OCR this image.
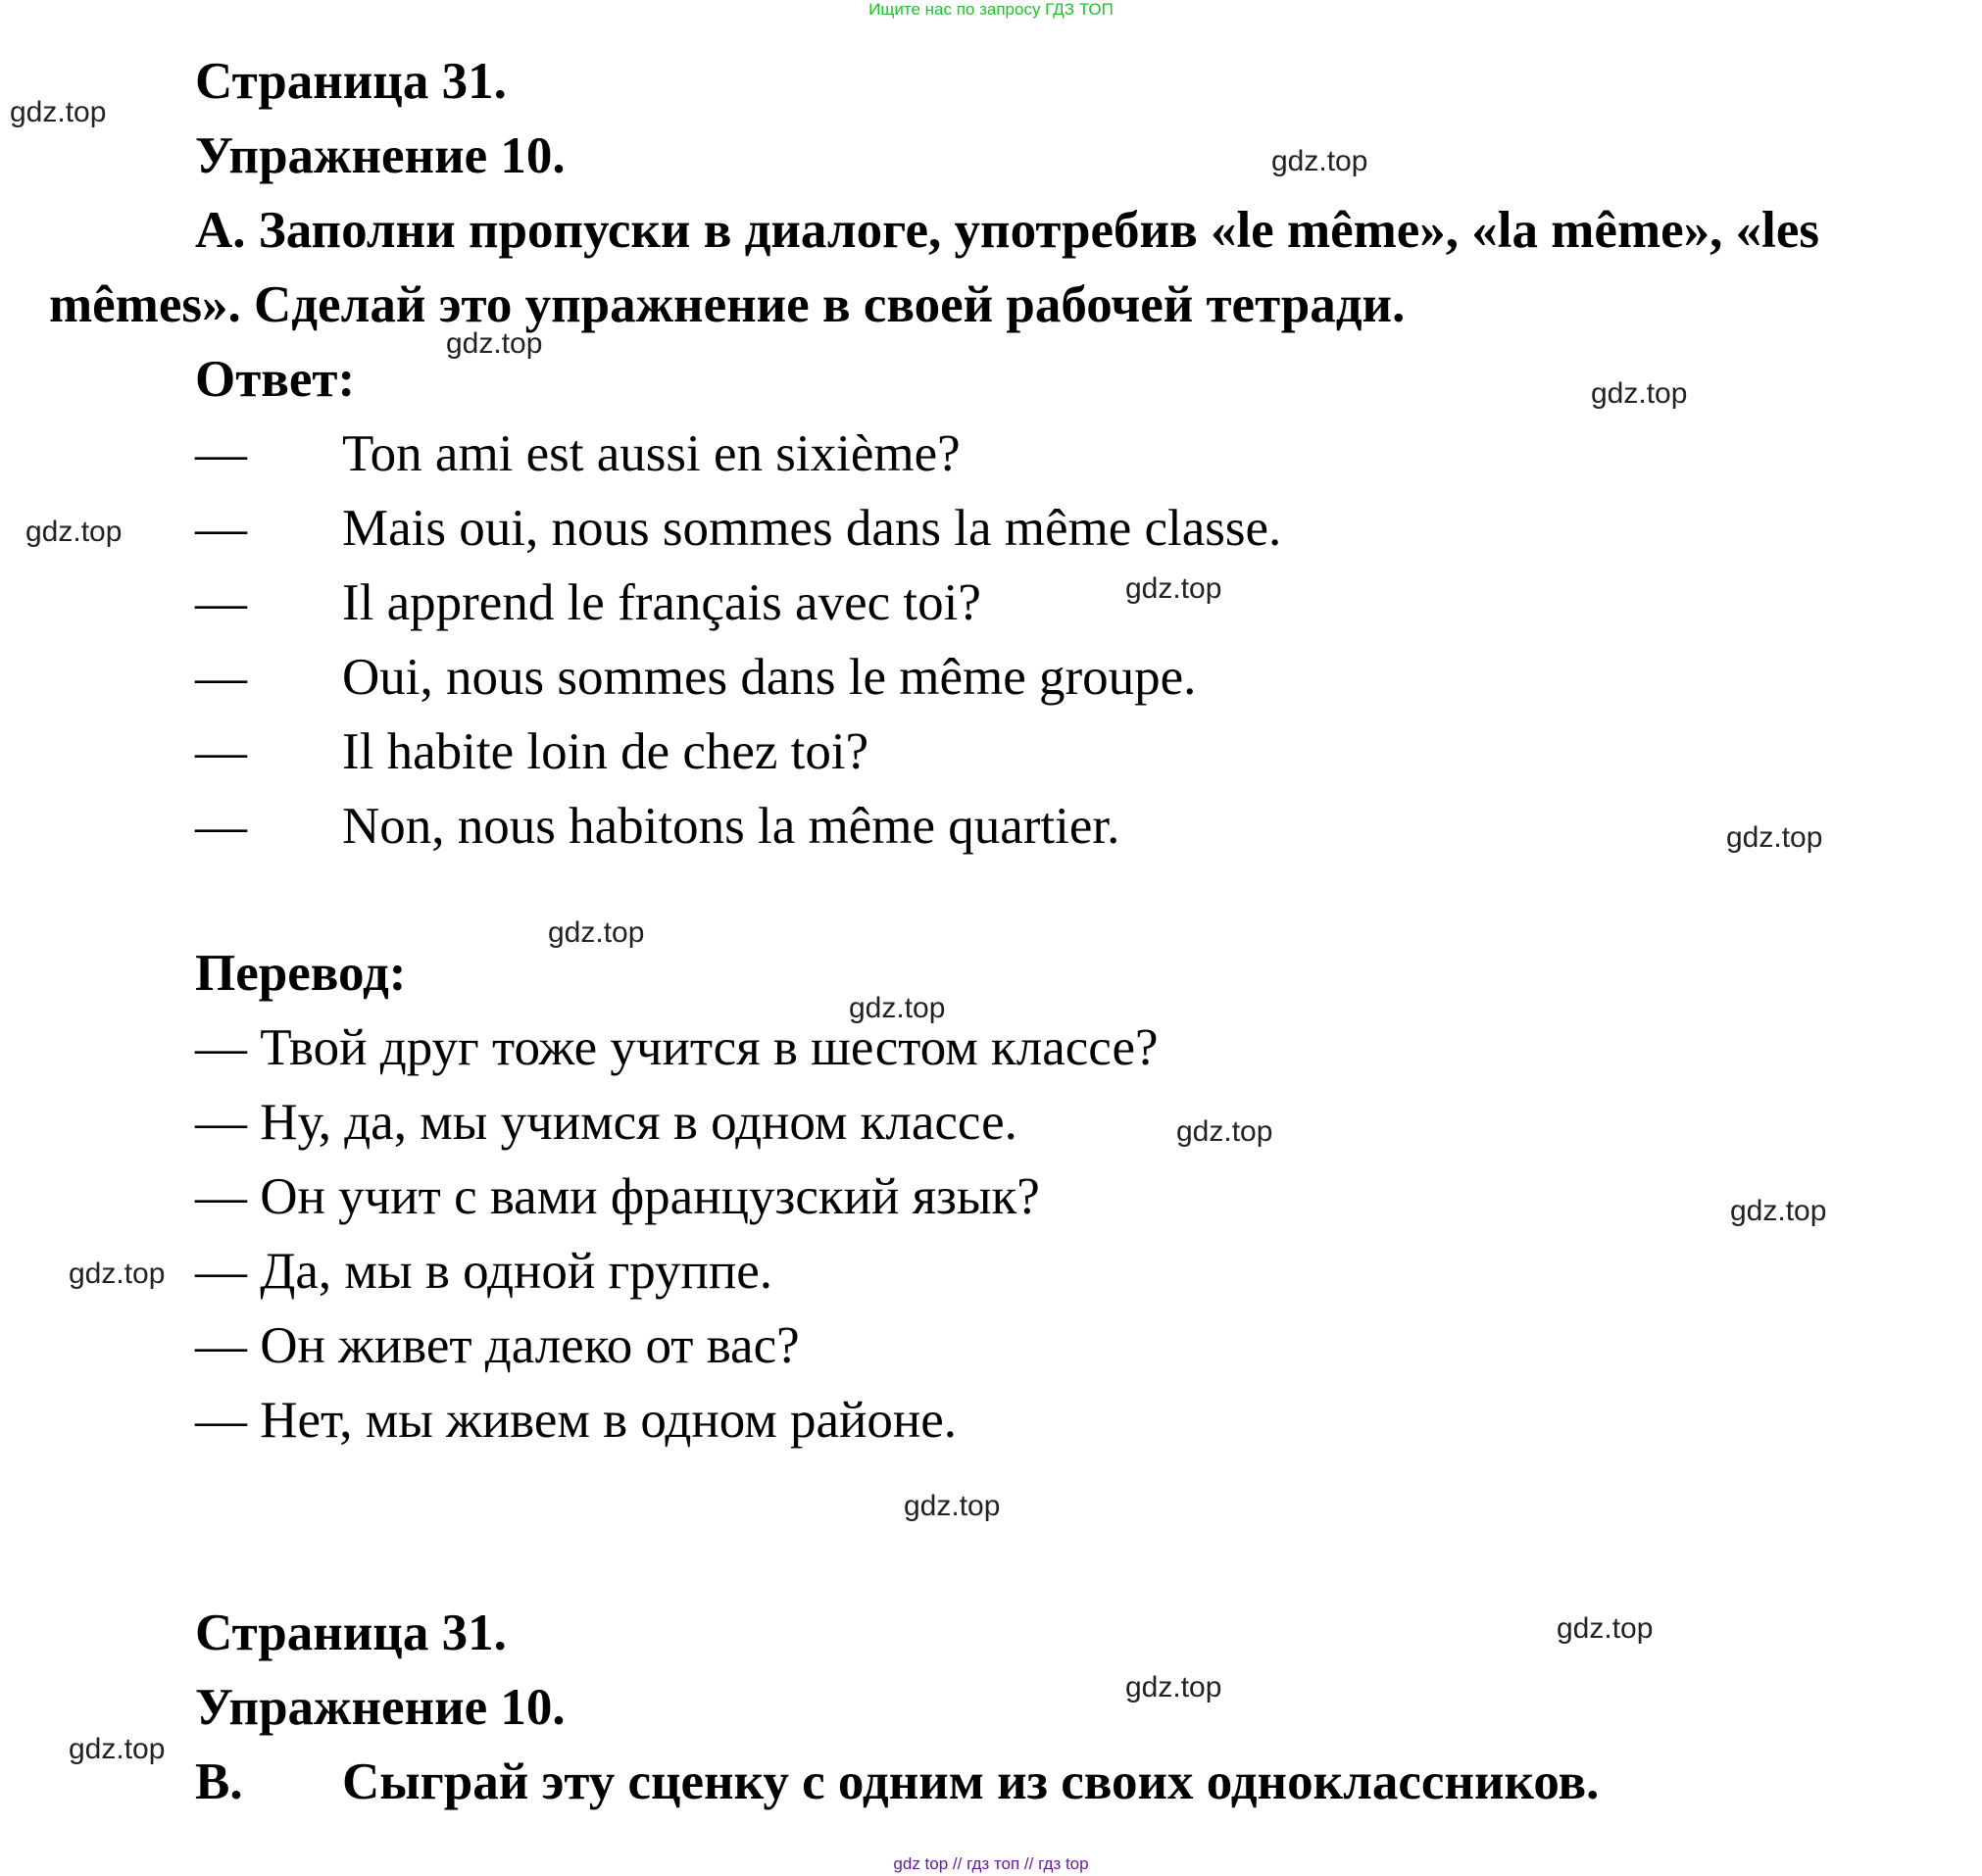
Ищите нас по запросу ГДЗ ТОП
Страница 31.
Упражнение 10.
A. Заполни пропуски в диалоге, употребив «le même», «la même», «les
mêmes». Сделай это упражнение в своей рабочей тетради.
Ответ:
— Ton ami est aussi en sixième?
— Mais oui, nous sommes dans la même classe.
— Il apprend le français avec toi?
— Oui, nous sommes dans le même groupe.
— Il habite loin de chez toi?
— Non, nous habitons la même quartier.
Перевод:
— Твой друг тоже учится в шестом классе?
— Ну, да, мы учимся в одном классе.
— Он учит с вами французский язык?
— Да, мы в одной группе.
— Он живет далеко от вас?
— Нет, мы живем в одном районе.
Страница 31.
Упражнение 10.
B. Сыграй эту сценку с одним из своих одноклассников.
gdz.top
gdz.top
gdz.top
gdz.top
gdz.top
gdz.top
gdz.top
gdz.top
gdz.top
gdz.top
gdz.top
gdz.top
gdz.top
gdz.top
gdz.top
gdz.top
gdz top // гдз топ // гдз top
